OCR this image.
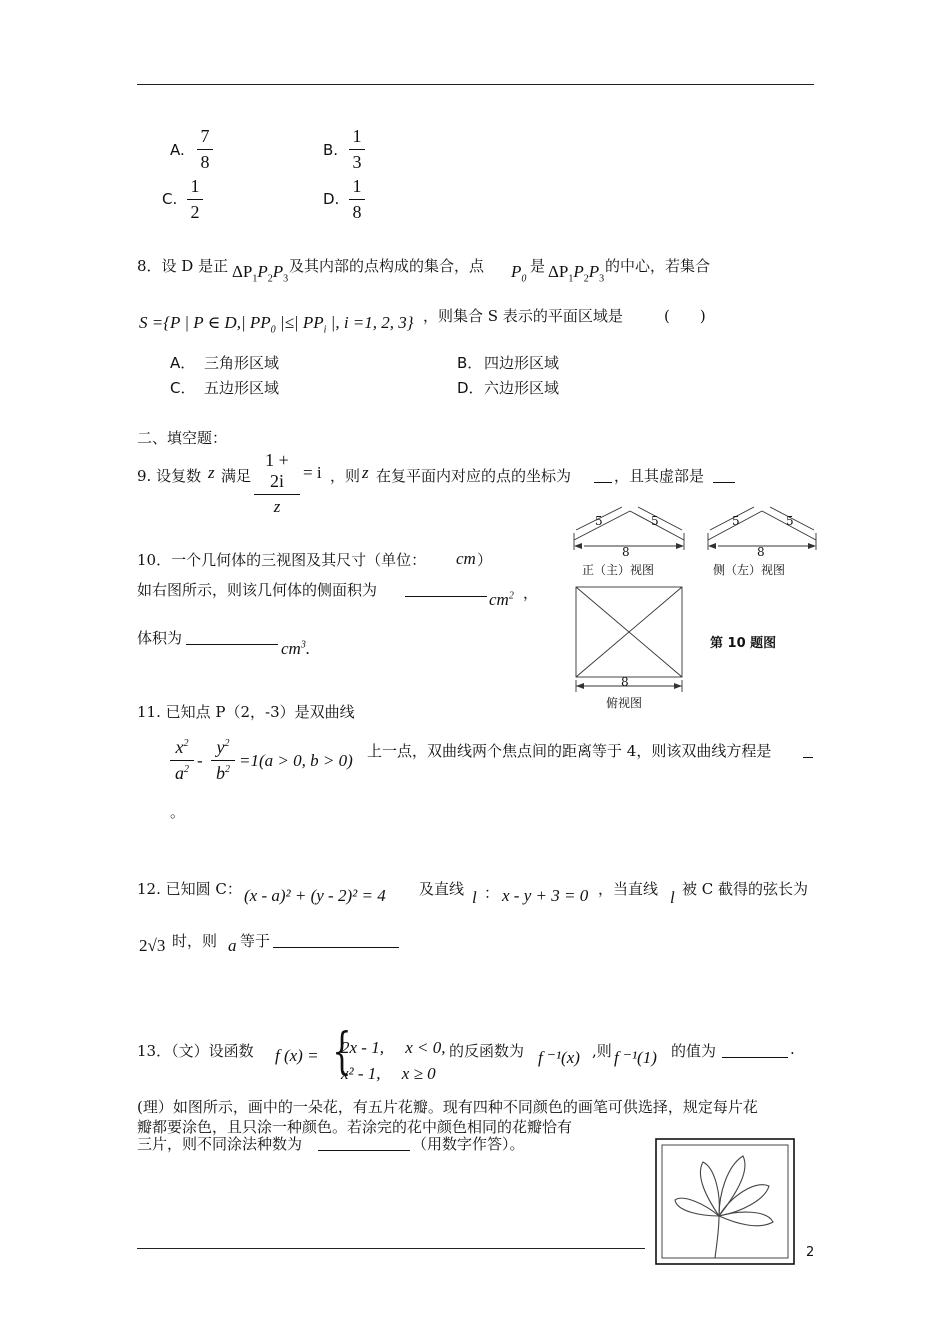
A.
7
8
B.
1
3
C.
1
2
D.
1
8
8．设 D 是正 $\Delta P_1P_2P_3$
及其内部的点构成的集合，点 $P_0$
是 $\Delta P_1P_2P_3$
的中心，若集合
S ={P | P ∈ D,| $PP_0$ |≤| $PP_i$ |, i =1, 2, 3} ，则集合 S 表示的平面区域是	(　　)
A． 三角形区域	B． 四边形区域
C． 五边形区域	D． 六边形区域
二、填空题：
9. 设复数 z 满足
1 + 2i
z
= i ，则 z 在复平面内对应的点的坐标为	，且其虚部是
10．一个几何体的三视图及其尺寸（单位： cm ）
如右图所示，则该几何体的侧面积为	$cm^2$ ，
体积为
$cm^3$.
5	5
8
5	5
8
8
正（主）视图	侧（左）视图
俯视图
第 10 题图
11. 已知点 P（2，-3）是双曲线
$x^2$
$a^2$ -
$y^2$
$b^2 =1(a > 0$, b > 0) 上一点，双曲线两个焦点间的距离等于 4，则该双曲线方程是
。
12. 已知圆 C： (x - a)² + (y - 2)² = 4 及直线 l ： x - y + 3 = 0 ，当直线 l 被 C 截得的弦长为
2√3 时，则 a 等于
13．（文）设函数 f (x) = {
2x - 1,　 x < 0,
x² - 1,　 x ≥ 0
的反函数为 f ⁻¹(x) ,则 f ⁻¹(1) 的值为	.
(理）如图所示，画中的一朵花，有五片花瓣。现有四种不同颜色的画笔可供选择，规定每片花
瓣都要涂色，且只涂一种颜色。若涂完的花中颜色相同的花瓣恰有
三片，则不同涂法种数为	（用数字作答）。
2
